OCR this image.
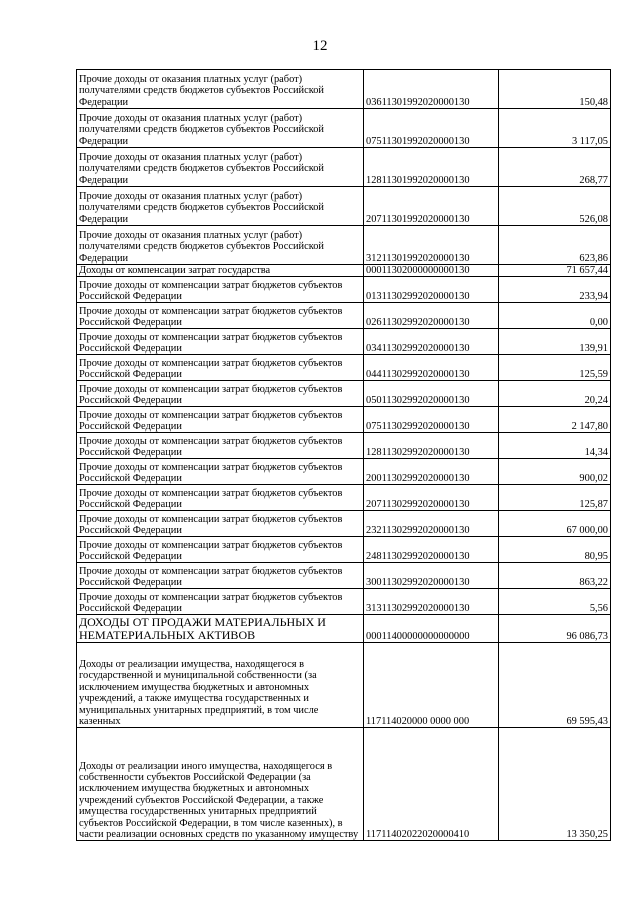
12
Прочие доходы от оказания платных услуг (работ) получателями средств бюджетов субъектов Российской Федерации	03611301992020000130	150,48
Прочие доходы от оказания платных услуг (работ) получателями средств бюджетов субъектов Российской Федерации	07511301992020000130	3 117,05
Прочие доходы от оказания платных услуг (работ) получателями средств бюджетов субъектов Российской Федерации	12811301992020000130	268,77
Прочие доходы от оказания платных услуг (работ) получателями средств бюджетов субъектов Российской Федерации	20711301992020000130	526,08
Прочие доходы от оказания платных услуг (работ) получателями средств бюджетов субъектов Российской Федерации	31211301992020000130	623,86
Доходы от компенсации затрат государства	00011302000000000130	71 657,44
Прочие доходы от компенсации затрат бюджетов субъектов Российской Федерации	01311302992020000130	233,94
Прочие доходы от компенсации затрат бюджетов субъектов Российской Федерации	02611302992020000130	0,00
Прочие доходы от компенсации затрат бюджетов субъектов Российской Федерации	03411302992020000130	139,91
Прочие доходы от компенсации затрат бюджетов субъектов Российской Федерации	04411302992020000130	125,59
Прочие доходы от компенсации затрат бюджетов субъектов Российской Федерации	05011302992020000130	20,24
Прочие доходы от компенсации затрат бюджетов субъектов Российской Федерации	07511302992020000130	2 147,80
Прочие доходы от компенсации затрат бюджетов субъектов Российской Федерации	12811302992020000130	14,34
Прочие доходы от компенсации затрат бюджетов субъектов Российской Федерации	20011302992020000130	900,02
Прочие доходы от компенсации затрат бюджетов субъектов Российской Федерации	20711302992020000130	125,87
Прочие доходы от компенсации затрат бюджетов субъектов Российской Федерации	23211302992020000130	67 000,00
Прочие доходы от компенсации затрат бюджетов субъектов Российской Федерации	24811302992020000130	80,95
Прочие доходы от компенсации затрат бюджетов субъектов Российской Федерации	30011302992020000130	863,22
Прочие доходы от компенсации затрат бюджетов субъектов Российской Федерации	31311302992020000130	5,56
ДОХОДЫ ОТ ПРОДАЖИ МАТЕРИАЛЬНЫХ И НЕМАТЕРИАЛЬНЫХ АКТИВОВ	00011400000000000000	96 086,73
Доходы от реализации имущества, находящегося в государственной и муниципальной собственности (за исключением имущества бюджетных и автономных учреждений, а также имущества государственных и муниципальных унитарных предприятий, в том числе казенных	117114020000 0000 000	69 595,43
Доходы от реализации иного имущества, находящегося в собственности субъектов Российской Федерации (за исключением имущества бюджетных и автономных учреждений субъектов Российской Федерации, а также имущества государственных унитарных предприятий субъектов Российской Федерации, в том числе казенных), в части реализации основных средств по указанному имуществу	11711402022020000410	13 350,25
